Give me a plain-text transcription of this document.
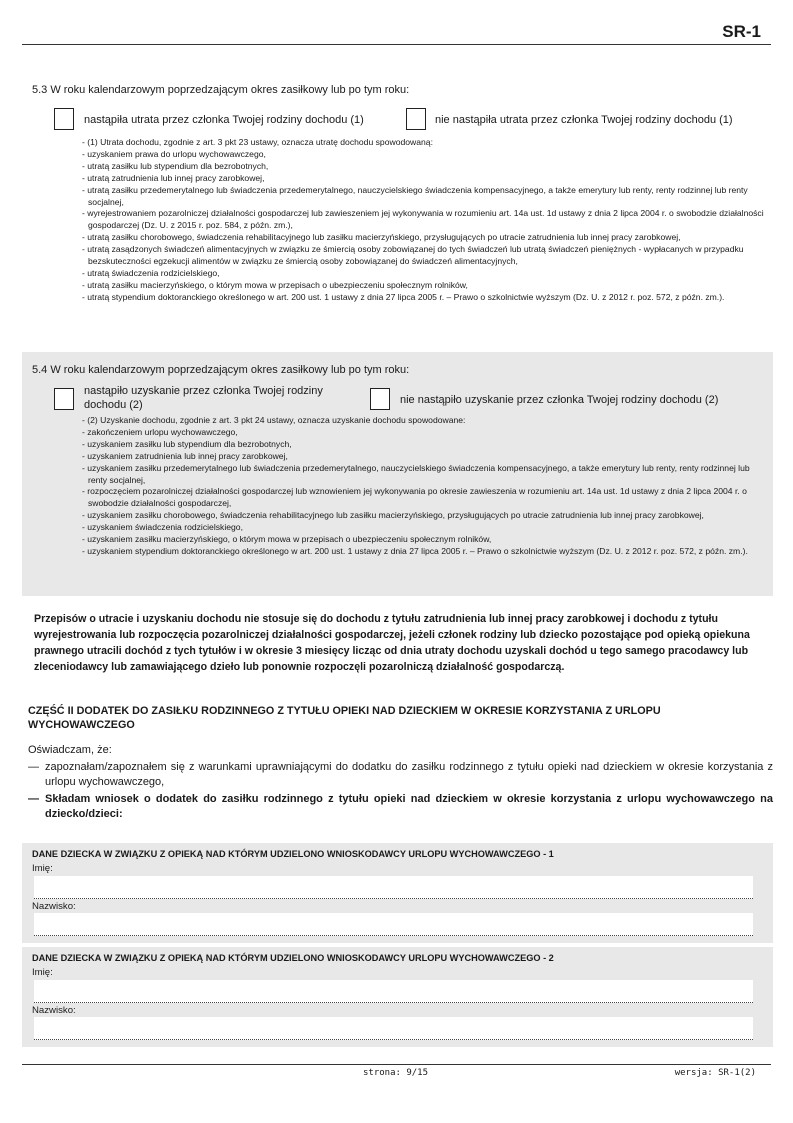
SR-1
5.3 W roku kalendarzowym poprzedzającym okres zasiłkowy lub po tym roku:
nastąpiła utrata przez członka Twojej rodziny dochodu (1)	nie nastąpiła utrata przez członka Twojej rodziny dochodu (1)
- (1) Utrata dochodu, zgodnie z art. 3 pkt 23 ustawy, oznacza utratę dochodu spowodowaną:
- uzyskaniem prawa do urlopu wychowawczego,
- utratą zasiłku lub stypendium dla bezrobotnych,
- utratą zatrudnienia lub innej pracy zarobkowej,
- utratą zasiłku przedemerytalnego lub świadczenia przedemerytalnego, nauczycielskiego świadczenia kompensacyjnego, a także emerytury lub renty, renty rodzinnej lub renty socjalnej,
- wyrejestrowaniem pozarolniczej działalności gospodarczej lub zawieszeniem jej wykonywania w rozumieniu art. 14a ust. 1d ustawy z dnia 2 lipca 2004 r. o swobodzie działalności gospodarczej (Dz. U. z 2015 r. poz. 584, z późn. zm.),
- utratą zasiłku chorobowego, świadczenia rehabilitacyjnego lub zasiłku macierzyńskiego, przysługujących po utracie zatrudnienia lub innej pracy zarobkowej,
- utratą zasądzonych świadczeń alimentacyjnych w związku ze śmiercią osoby zobowiązanej do tych świadczeń lub utratą świadczeń pieniężnych - wypłacanych w przypadku bezskuteczności egzekucji alimentów w związku ze śmiercią osoby zobowiązanej do świadczeń alimentacyjnych,
- utratą świadczenia rodzicielskiego,
- utratą zasiłku macierzyńskiego, o którym mowa w przepisach o ubezpieczeniu społecznym rolników,
- utratą stypendium doktoranckiego określonego w art. 200 ust. 1 ustawy z dnia 27 lipca 2005 r. – Prawo o szkolnictwie wyższym (Dz. U. z 2012 r. poz. 572, z późn. zm.).
5.4 W roku kalendarzowym poprzedzającym okres zasiłkowy lub po tym roku:
nastąpiło uzyskanie przez członka Twojej rodziny dochodu (2)	nie nastąpiło uzyskanie przez członka Twojej rodziny dochodu (2)
- (2) Uzyskanie dochodu, zgodnie z art. 3 pkt 24 ustawy, oznacza uzyskanie dochodu spowodowane:
- zakończeniem urlopu wychowawczego,
- uzyskaniem zasiłku lub stypendium dla bezrobotnych,
- uzyskaniem zatrudnienia lub innej pracy zarobkowej,
- uzyskaniem zasiłku przedemerytalnego lub świadczenia przedemerytalnego, nauczycielskiego świadczenia kompensacyjnego, a także emerytury lub renty, renty rodzinnej lub renty socjalnej,
- rozpoczęciem pozarolniczej działalności gospodarczej lub wznowieniem jej wykonywania po okresie zawieszenia w rozumieniu art. 14a ust. 1d ustawy z dnia 2 lipca 2004 r. o swobodzie działalności gospodarczej,
- uzyskaniem zasiłku chorobowego, świadczenia rehabilitacyjnego lub zasiłku macierzyńskiego, przysługujących po utracie zatrudnienia lub innej pracy zarobkowej,
- uzyskaniem świadczenia rodzicielskiego,
- uzyskaniem zasiłku macierzyńskiego, o którym mowa w przepisach o ubezpieczeniu społecznym rolników,
- uzyskaniem stypendium doktoranckiego określonego w art. 200 ust. 1 ustawy z dnia 27 lipca 2005 r. – Prawo o szkolnictwie wyższym (Dz. U. z 2012 r. poz. 572, z późn. zm.).
Przepisów o utracie i uzyskaniu dochodu nie stosuje się do dochodu z tytułu zatrudnienia lub innej pracy zarobkowej i dochodu z tytułu wyrejestrowania lub rozpoczęcia pozarolniczej działalności gospodarczej, jeżeli członek rodziny lub dziecko pozostające pod opieką opiekuna prawnego utracili dochód z tych tytułów i w okresie 3 miesięcy licząc od dnia utraty dochodu uzyskali dochód u tego samego pracodawcy lub zleceniodawcy lub zamawiającego dzieło lub ponownie rozpoczęli pozarolniczą działalność gospodarczą.
CZĘŚĆ II DODATEK DO ZASIŁKU RODZINNEGO Z TYTUŁU OPIEKI NAD DZIECKIEM W OKRESIE KORZYSTANIA Z URLOPU WYCHOWAWCZEGO
Oświadczam, że:
— zapoznałam/zapoznałem się z warunkami uprawniającymi do dodatku do zasiłku rodzinnego z tytułu opieki nad dzieckiem w okresie korzystania z urlopu wychowawczego,
— Składam wniosek o dodatek do zasiłku rodzinnego z tytułu opieki nad dzieckiem w okresie korzystania z urlopu wychowawczego na dziecko/dzieci:
DANE DZIECKA W ZWIĄZKU Z OPIEKĄ NAD KTÓRYM UDZIELONO WNIOSKODAWCY URLOPU WYCHOWAWCZEGO - 1
Imię:
Nazwisko:
DANE DZIECKA W ZWIĄZKU Z OPIEKĄ NAD KTÓRYM UDZIELONO WNIOSKODAWCY URLOPU WYCHOWAWCZEGO - 2
Imię:
Nazwisko:
strona: 9/15	wersja: SR-1(2)
